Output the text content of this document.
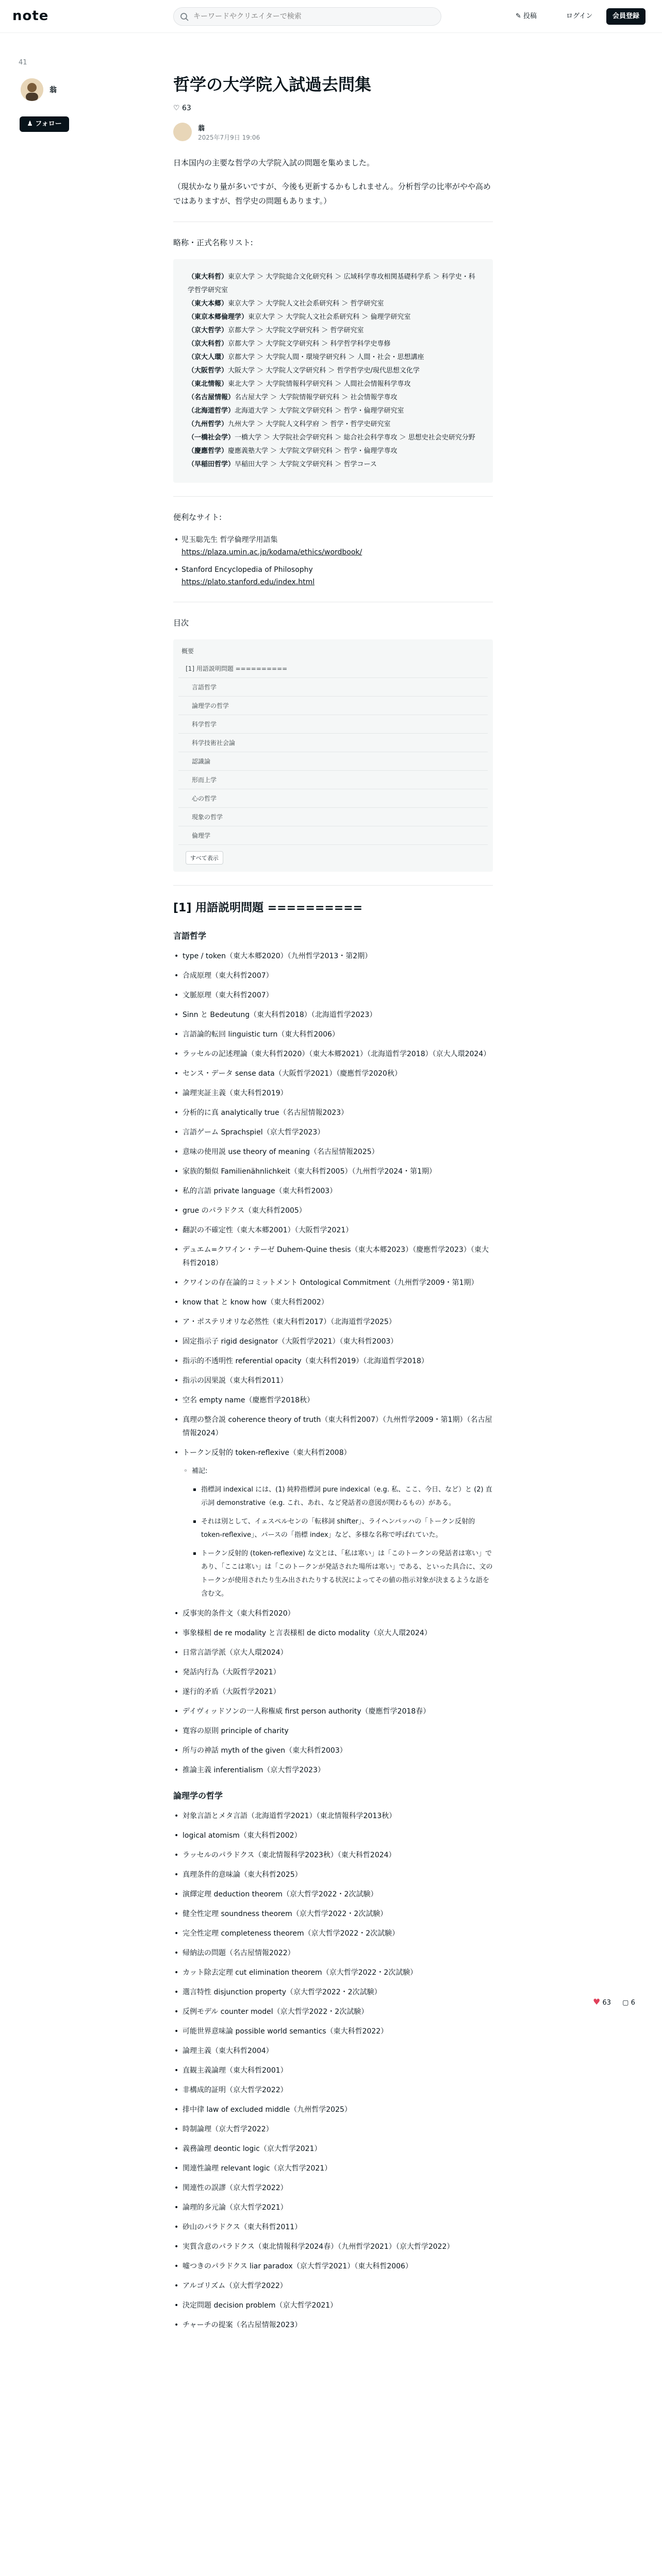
note
キーワードやクリエイターで検索	✎ 投稿	ログイン	会員登録
41
翁
♟ フォロー
♥ 63 ▢ 6
哲学の大学院入試過去問集
♡ 63
翁
2025年7月9日 19:06

日本国内の主要な哲学の大学院入試の問題を集めました。

（現状かなり量が多いですが、今後も更新するかもしれません。分析哲学の比率がやや高めではありますが、哲学史の問題もあります。）

略称・正式名称リスト:

（東大科哲）東京大学 ＞ 大学院総合文化研究科 ＞ 広域科学専攻相関基礎科学系 ＞ 科学史・科学哲学研究室
（東大本郷）東京大学 ＞ 大学院人文社会系研究科 ＞ 哲学研究室
（東京本郷倫理学）東京大学 ＞ 大学院人文社会系研究科 ＞ 倫理学研究室
（京大哲学）京都大学 ＞ 大学院文学研究科 ＞ 哲学研究室
（京大科哲）京都大学 ＞ 大学院文学研究科 ＞ 科学哲学科学史専修
（京大人環）京都大学 ＞ 大学院人間・環境学研究科 ＞ 人間・社会・思想講座
（大阪哲学）大阪大学 ＞ 大学院人文学研究科 ＞ 哲学哲学史/現代思想文化学
（東北情報）東北大学 ＞ 大学院情報科学研究科 ＞ 人間社会情報科学専攻
（名古屋情報）名古屋大学 ＞ 大学院情報学研究科 ＞ 社会情報学専攻
（北海道哲学）北海道大学 ＞ 大学院文学研究科 ＞ 哲学・倫理学研究室
（九州哲学）九州大学 ＞ 大学院人文科学府 ＞ 哲学・哲学史研究室
（一橋社会学）一橋大学 ＞ 大学院社会学研究科 ＞ 総合社会科学専攻 ＞ 思想史社会史研究分野
（慶應哲学）慶應義塾大学 ＞ 大学院文学研究科 ＞ 哲学・倫理学専攻
（早稲田哲学）早稲田大学 ＞ 大学院文学研究科 ＞ 哲学コース

便利なサイト:

• 児玉聡先生 哲学倫理学用語集
https://plaza.umin.ac.jp/kodama/ethics/wordbook/
• Stanford Encyclopedia of Philosophy
https://plato.stanford.edu/index.html

目次

概要
[1] 用語説明問題 ==========
言語哲学
論理学の哲学
科学哲学
科学技術社会論
認識論
形而上学
心の哲学
現象の哲学
倫理学
すべて表示
[1] 用語説明問題 ==========
言語哲学
• type / token（東大本郷2020）（九州哲学2013・第2期）
• 合成原理（東大科哲2007）
• 文脈原理（東大科哲2007）
• Sinn と Bedeutung（東大科哲2018）（北海道哲学2023）
• 言語論的転回 linguistic turn（東大科哲2006）
• ラッセルの記述理論（東大科哲2020）（東大本郷2021）（北海道哲学2018）（京大人環2024）
• センス・データ sense data（大阪哲学2021）（慶應哲学2020秋）
• 論理実証主義（東大科哲2019）
• 分析的に真 analytically true（名古屋情報2023）
• 言語ゲーム Sprachspiel（京大哲学2023）
• 意味の使用説 use theory of meaning（名古屋情報2025）
• 家族的類似 Familienähnlichkeit（東大科哲2005）（九州哲学2024・第1期）
• 私的言語 private language（東大科哲2003）
• grue のパラドクス（東大科哲2005）
• 翻訳の不確定性（東大本郷2001）（大阪哲学2021）
• デュエム=クワイン・テーゼ Duhem-Quine thesis（東大本郷2023）（慶應哲学2023）（東大科哲2018）
• クワインの存在論的コミットメント Ontological Commitment（九州哲学2009・第1期）
• know that と know how（東大科哲2002）
• ア・ポステリオリな必然性（東大科哲2017）（北海道哲学2025）
• 固定指示子 rigid designator（大阪哲学2021）（東大科哲2003）
• 指示的不透明性 referential opacity（東大科哲2019）（北海道哲学2018）
• 指示の因果説（東大科哲2011）
• 空名 empty name（慶應哲学2018秋）
• 真理の整合説 coherence theory of truth（東大科哲2007）（九州哲学2009・第1期）（名古屋情報2024）
• トークン反射的 token-reflexive（東大科哲2008）
◦ 補記:
▪ 指標詞 indexical には、(1) 純粋指標詞 pure indexical（e.g. 私、ここ、今日、など）と (2) 直示詞 demonstrative（e.g. これ、あれ、など発話者の意図が関わるもの）がある。
▪ それは別として、イェスペルセンの「転移詞 shifter」、ライヘンバッハの「トークン反射的 token-reflexive」、パースの「指標 index」など、多様な名称で呼ばれていた。
▪ トークン反射的 (token-reflexive) な文とは、「私は寒い」は「このトークンの発話者は寒い」であり、「ここは寒い」は「このトークンが発話された場所は寒い」である、といった具合に、文のトークンが使用されたり生み出されたりする状況によってその値の指示対象が決まるような語を含む文。
• 反事実的条件文（東大科哲2020）
• 事象様相 de re modality と言表様相 de dicto modality（京大人環2024）
• 日常言語学派（京大人環2024）
• 発話内行為（大阪哲学2021）
• 遂行的矛盾（大阪哲学2021）
• デイヴィッドソンの一人称権威 first person authority（慶應哲学2018春）
• 寛容の原則 principle of charity
• 所与の神話 myth of the given（東大科哲2003）
• 推論主義 inferentialism（京大哲学2023）
論理学の哲学
• 対象言語とメタ言語（北海道哲学2021）（東北情報科学2013秋）
• logical atomism（東大科哲2002）
• ラッセルのパラドクス（東北情報科学2023秋）（東大科哲2024）
• 真理条件的意味論（東大科哲2025）
• 演繹定理 deduction theorem（京大哲学2022・2次試験）
• 健全性定理 soundness theorem（京大哲学2022・2次試験）
• 完全性定理 completeness theorem（京大哲学2022・2次試験）
• 帰納法の問題（名古屋情報2022）
• カット除去定理 cut elimination theorem（京大哲学2022・2次試験）
• 選言特性 disjunction property（京大哲学2022・2次試験）
• 反例モデル counter model（京大哲学2022・2次試験）
• 可能世界意味論 possible world semantics（東大科哲2022）
• 論理主義（東大科哲2004）
• 直観主義論理（東大科哲2001）
• 非構成的証明（京大哲学2022）
• 排中律 law of excluded middle（九州哲学2025）
• 時制論理（京大哲学2022）
• 義務論理 deontic logic（京大哲学2021）
• 関連性論理 relevant logic（京大哲学2021）
• 関連性の誤謬（京大哲学2022）
• 論理的多元論（京大哲学2021）
• 砂山のパラドクス（東大科哲2011）
• 実質含意のパラドクス（東北情報科学2024春）（九州哲学2021）（京大哲学2022）
• 嘘つきのパラドクス liar paradox（京大哲学2021）（東大科哲2006）
• アルゴリズム（京大哲学2022）
• 決定問題 decision problem（京大哲学2021）
• チャーチの提案（名古屋情報2023）
